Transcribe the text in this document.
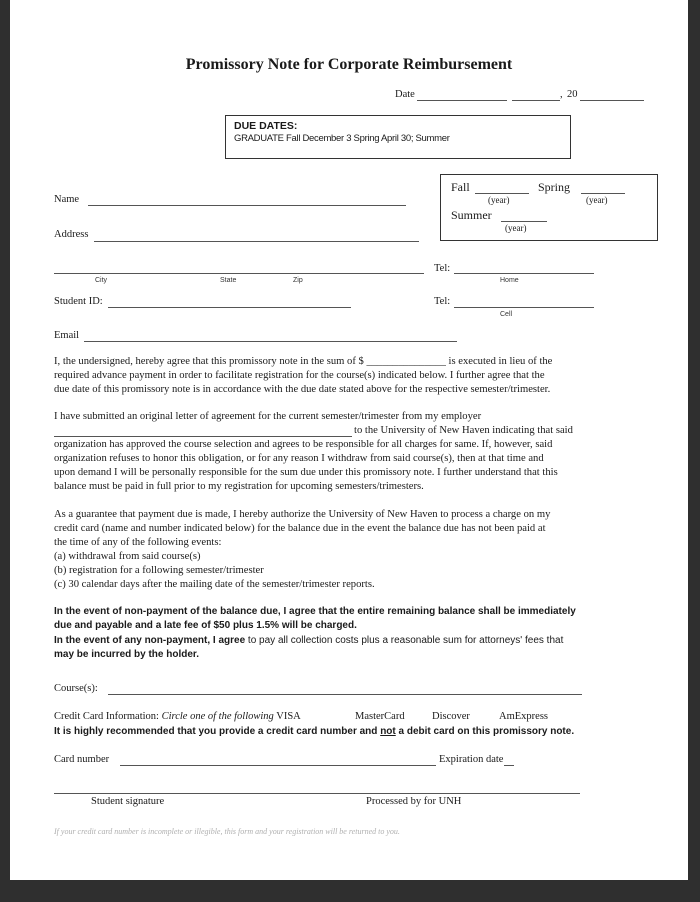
Promissory Note for Corporate Reimbursement
Date	, 20
DUE DATES:
GRADUATE Fall December 3 Spring April 30; Summer
Fall	Spring
(year)	(year)
Summer
(year)
Name
Address
City	State	Zip
Tel:
Home
Student ID:	Tel:
Cell
Email
I, the undersigned, hereby agree that this promissory note in the sum of $ _______________ is executed in lieu of the
required advance payment in order to facilitate registration for the course(s) indicated below. I further agree that the
due date of this promissory note is in accordance with the due date stated above for the respective semester/trimester.
I have submitted an original letter of agreement for the current semester/trimester from my employer
to the University of New Haven indicating that said
organization has approved the course selection and agrees to be responsible for all charges for same. If, however, said
organization refuses to honor this obligation, or for any reason I withdraw from said course(s), then at that time and
upon demand I will be personally responsible for the sum due under this promissory note. I further understand that this
balance must be paid in full prior to my registration for upcoming semesters/trimesters.
As a guarantee that payment due is made, I hereby authorize the University of New Haven to process a charge on my
credit card (name and number indicated below) for the balance due in the event the balance due has not been paid at
the time of any of the following events:
(a) withdrawal from said course(s)
(b) registration for a following semester/trimester
(c) 30 calendar days after the mailing date of the semester/trimester reports.
In the event of non-payment of the balance due, I agree that the entire remaining balance shall be immediately
due and payable and a late fee of $50 plus 1.5% will be charged.
In the event of any non-payment, I agree to pay all collection costs plus a reasonable sum for attorneys' fees that
may be incurred by the holder.
Course(s):
Credit Card Information: Circle one of the following VISA	MasterCard	Discover	AmExpress
It is highly recommended that you provide a credit card number and not a debit card on this promissory note.
Card number	Expiration date
Student signature	Processed by for UNH
If your credit card number is incomplete or illegible, this form and your registration will be returned to you.
